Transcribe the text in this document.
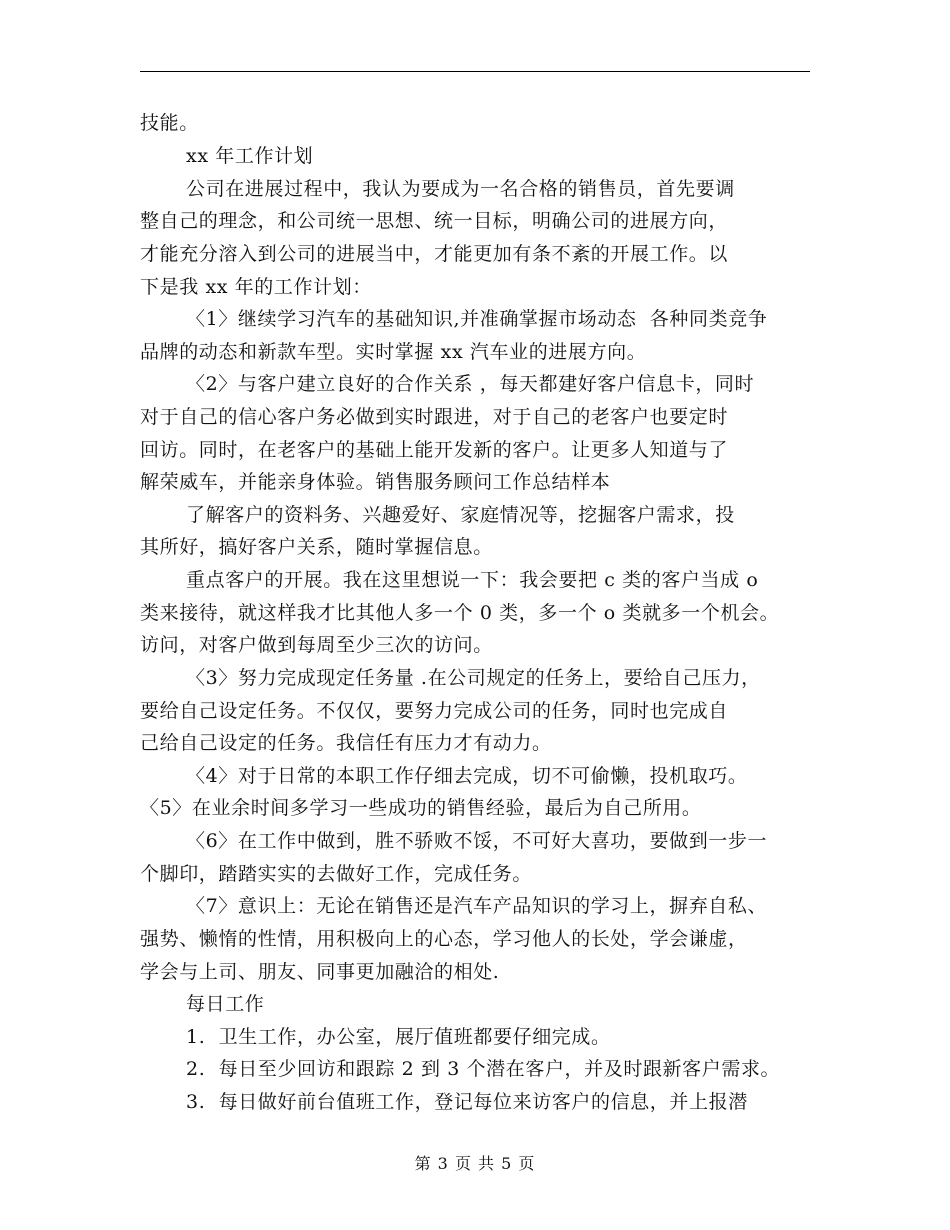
技能。

xx 年工作计划

公司在进展过程中，我认为要成为一名合格的销售员，首先要调

整自己的理念，和公司统一思想、统一目标，明确公司的进展方向，

才能充分溶入到公司的进展当中，才能更加有条不紊的开展工作。以

下是我 xx 年的工作计划：

〈1〉继续学习汽车的基础知识,并准确掌握市场动态  各种同类竞争

品牌的动态和新款车型。实时掌握 xx 汽车业的进展方向。

〈2〉与客户建立良好的合作关系 ，每天都建好客户信息卡，同时

对于自己的信心客户务必做到实时跟进，对于自己的老客户也要定时

回访。同时，在老客户的基础上能开发新的客户。让更多人知道与了

解荣威车，并能亲身体验。销售服务顾问工作总结样本

了解客户的资料务、兴趣爱好、家庭情况等，挖掘客户需求，投

其所好，搞好客户关系，随时掌握信息。

重点客户的开展。我在这里想说一下：我会要把 c 类的客户当成 o

类来接待，就这样我才比其他人多一个 0 类，多一个 o 类就多一个机会。

访问，对客户做到每周至少三次的访问。

〈3〉努力完成现定任务量 .在公司规定的任务上，要给自己压力，

要给自己设定任务。不仅仅，要努力完成公司的任务，同时也完成自

己给自己设定的任务。我信任有压力才有动力。

〈4〉对于日常的本职工作仔细去完成，切不可偷懒，投机取巧。

〈5〉在业余时间多学习一些成功的销售经验，最后为自己所用。

〈6〉在工作中做到，胜不骄败不馁，不可好大喜功，要做到一步一

个脚印，踏踏实实的去做好工作，完成任务。

〈7〉意识上：无论在销售还是汽车产品知识的学习上，摒弃自私、

强势、懒惰的性情，用积极向上的心态，学习他人的长处，学会谦虚，

学会与上司、朋友、同事更加融洽的相处.

每日工作

1.  卫生工作，办公室，展厅值班都要仔细完成。

2.  每日至少回访和跟踪 2 到 3 个潜在客户，并及时跟新客户需求。

3.  每日做好前台值班工作，登记每位来访客户的信息，并上报潜

第 3 页 共 5 页
